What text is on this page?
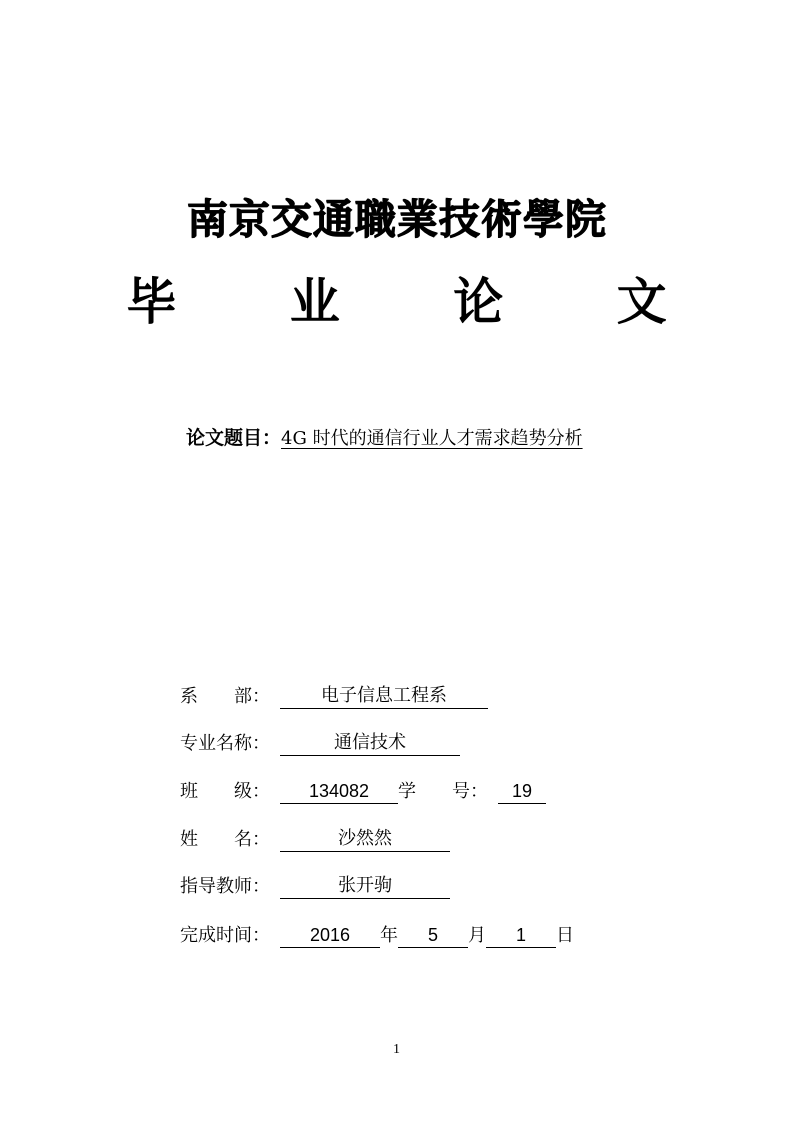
南京交通職業技術學院
毕 业 论 文
论文题目：4G 时代的通信行业人才需求趋势分析
系　　部：	电子信息工程系
专业名称：	通信技术
班　　级： 134082 学　　号： 19
姓　　名：	沙然然
指导教师：	张开驹
完成时间： 2016 年 5 月 1 日
1
